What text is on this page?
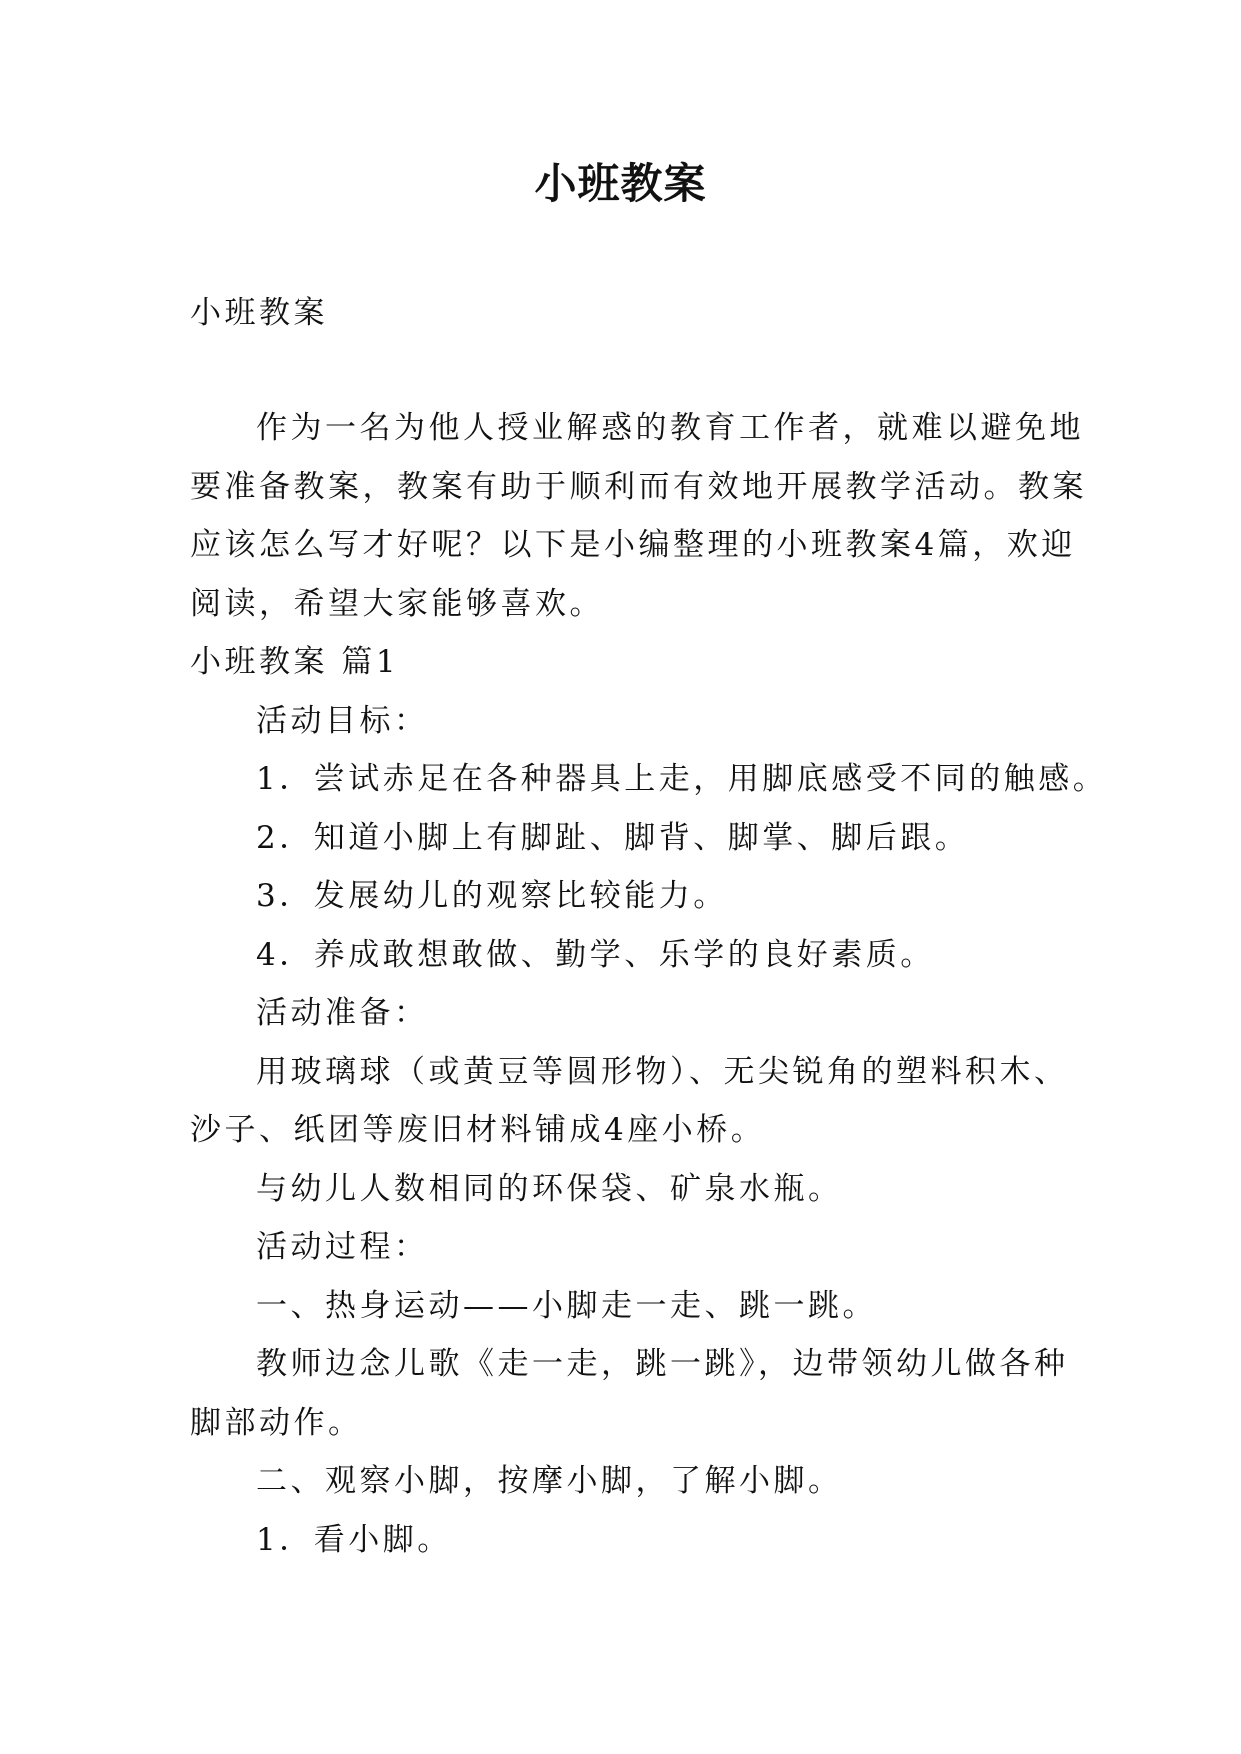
小班教案

小班教案

作为一名为他人授业解惑的教育工作者，就难以避免地

要准备教案，教案有助于顺利而有效地开展教学活动。教案

应该怎么写才好呢？以下是小编整理的小班教案4篇，欢迎

阅读，希望大家能够喜欢。

小班教案 篇1

活动目标：

1．尝试赤足在各种器具上走，用脚底感受不同的触感。

2．知道小脚上有脚趾、脚背、脚掌、脚后跟。

3．发展幼儿的观察比较能力。

4．养成敢想敢做、勤学、乐学的良好素质。

活动准备：

用玻璃球（或黄豆等圆形物）、无尖锐角的塑料积木、

沙子、纸团等废旧材料铺成4座小桥。

与幼儿人数相同的环保袋、矿泉水瓶。

活动过程：

一、热身运动——小脚走一走、跳一跳。

教师边念儿歌《走一走，跳一跳》，边带领幼儿做各种

脚部动作。

二、观察小脚，按摩小脚，了解小脚。

1．看小脚。
